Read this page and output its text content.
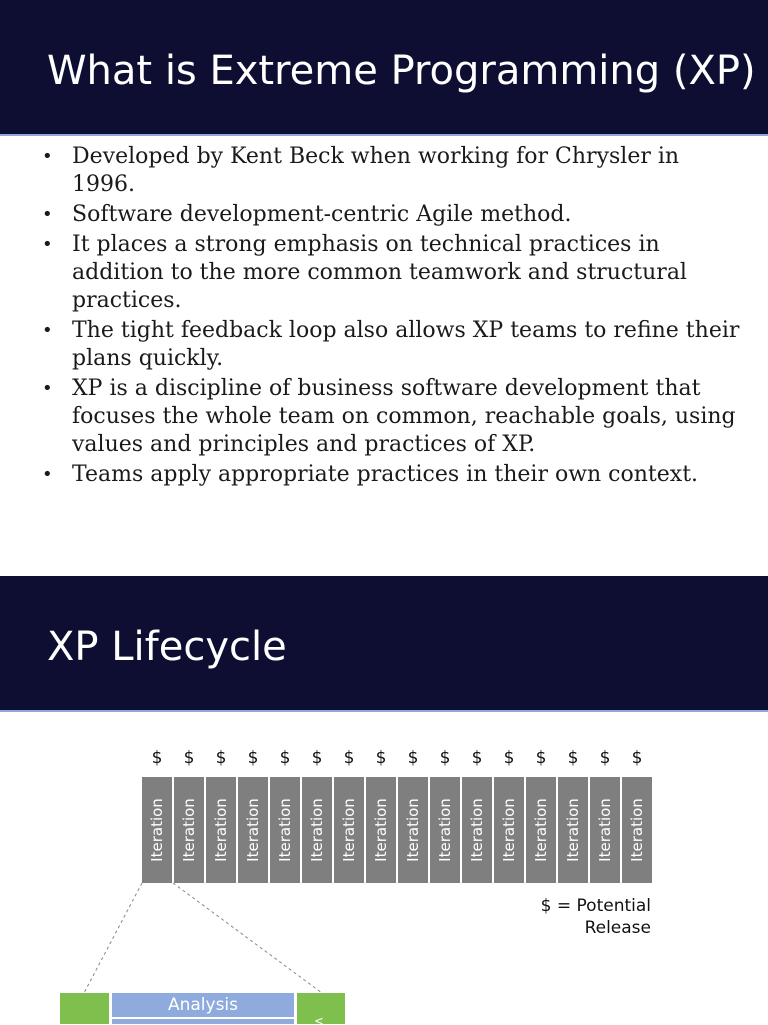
What is Extreme Programming (XP)
• Developed by Kent Beck when working for Chrysler in 1996.
• Software development-centric Agile method.
• It places a strong emphasis on technical practices in addition to the more common teamwork and structural practices.
• The tight feedback loop also allows XP teams to refine their plans quickly.
• XP is a discipline of business software development that focuses the whole team on common, reachable goals, using values and principles and practices of XP.
• Teams apply appropriate practices in their own context.
XP Lifecycle
$
Iteration
$
Iteration
$
Iteration
$
Iteration
$
Iteration
$
Iteration
$
Iteration
$
Iteration
$
Iteration
$
Iteration
$
Iteration
$
Iteration
$
Iteration
$
Iteration
$
Iteration
$
Iteration
$ = Potential
Release
Analysis
v
